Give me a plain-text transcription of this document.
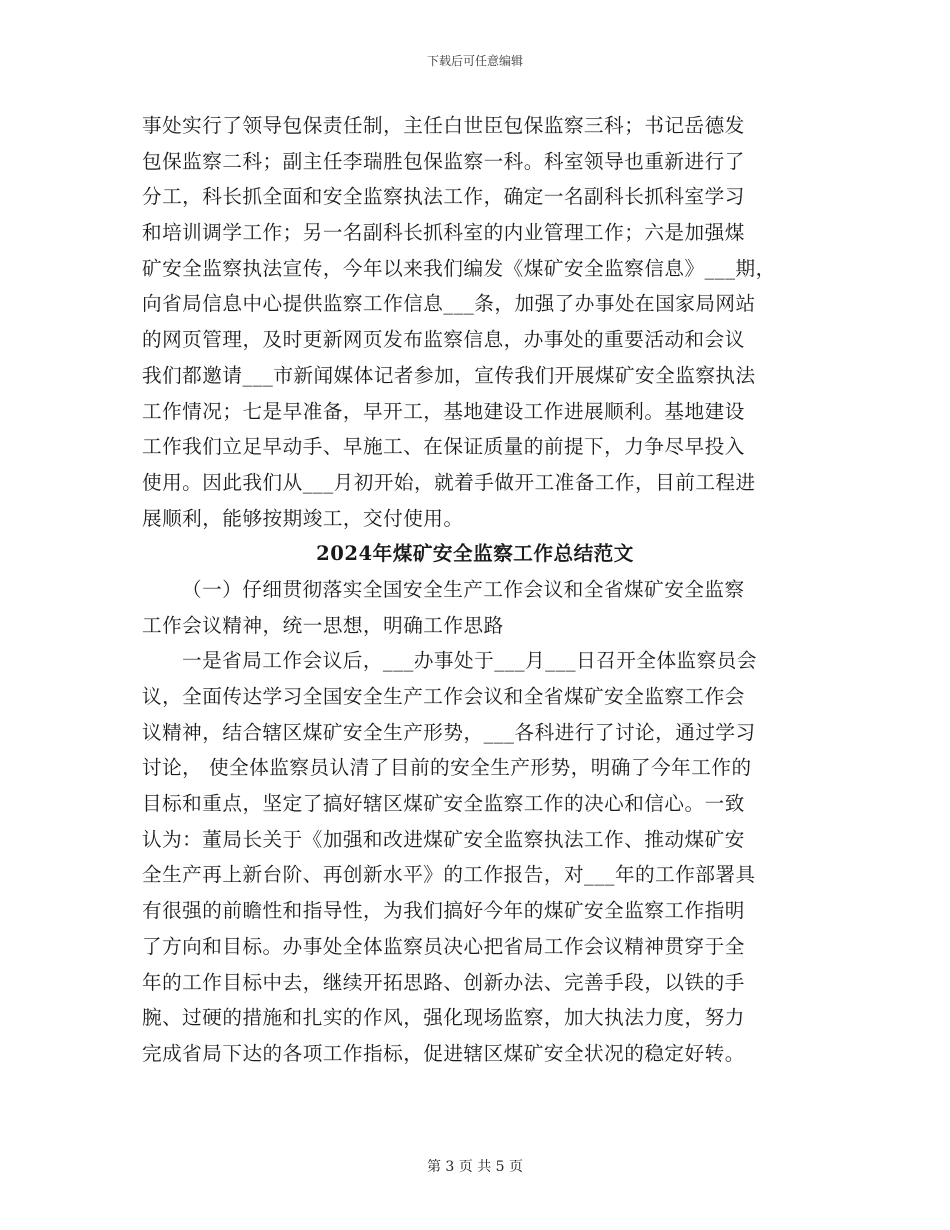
下载后可任意编辑
事处实行了领导包保责任制，主任白世臣包保监察三科；书记岳德发
包保监察二科；副主任李瑞胜包保监察一科。科室领导也重新进行了
分工，科长抓全面和安全监察执法工作，确定一名副科长抓科室学习
和培训调学工作；另一名副科长抓科室的内业管理工作；六是加强煤
矿安全监察执法宣传，今年以来我们编发《煤矿安全监察信息》___期，
向省局信息中心提供监察工作信息___条，加强了办事处在国家局网站
的网页管理，及时更新网页发布监察信息，办事处的重要活动和会议
我们都邀请___市新闻媒体记者参加，宣传我们开展煤矿安全监察执法
工作情况；七是早准备，早开工，基地建设工作进展顺利。基地建设
工作我们立足早动手、早施工、在保证质量的前提下，力争尽早投入
使用。因此我们从___月初开始，就着手做开工准备工作，目前工程进
展顺利，能够按期竣工，交付使用。
2024年煤矿安全监察工作总结范文
（一）仔细贯彻落实全国安全生产工作会议和全省煤矿安全监察
工作会议精神，统一思想，明确工作思路
一是省局工作会议后，___办事处于___月___日召开全体监察员会
议，全面传达学习全国安全生产工作会议和全省煤矿安全监察工作会
议精神，结合辖区煤矿安全生产形势，___各科进行了讨论，通过学习
讨论， 使全体监察员认清了目前的安全生产形势，明确了今年工作的
目标和重点，坚定了搞好辖区煤矿安全监察工作的决心和信心。一致
认为：董局长关于《加强和改进煤矿安全监察执法工作、推动煤矿安
全生产再上新台阶、再创新水平》的工作报告，对___年的工作部署具
有很强的前瞻性和指导性，为我们搞好今年的煤矿安全监察工作指明
了方向和目标。办事处全体监察员决心把省局工作会议精神贯穿于全
年的工作目标中去，继续开拓思路、创新办法、完善手段，以铁的手
腕、过硬的措施和扎实的作风，强化现场监察，加大执法力度，努力
完成省局下达的各项工作指标，促进辖区煤矿安全状况的稳定好转。
第 3 页 共 5 页
